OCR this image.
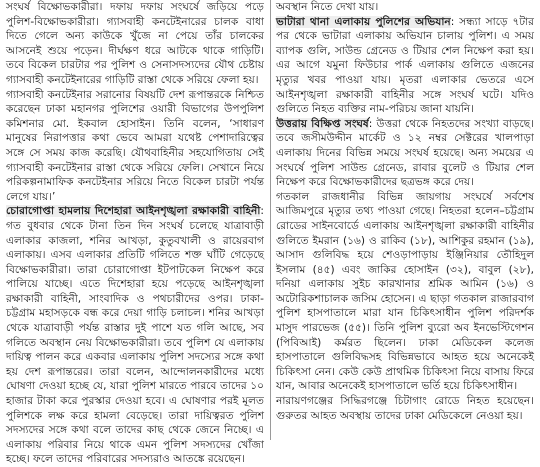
সংঘর্ষ বিক্ষোভকারীরা। দফায় দফায় সংঘর্ষে জড়িয়ে পড়ে পুলিশ-বিক্ষোভকারীরা। গ্যাসবাহী কনটেইনারের চালক বাধা দিতে গেলে অন্য কাউকে খুঁজে না পেয়ে তাঁর চালকের আসনেই শুয়ে পড়েন। দীর্ঘক্ষণ ধরে আটকে থাকে গাড়িটি। তবে বিকেল চারটার পর পুলিশ ও সেনাসদস্যদের যৌথ চেষ্টায় গ্যাসবাহী কনটেইনারের গাড়িটি রাস্তা থেকে সরিয়ে ফেলা হয়।

গ্যাসবাহী কনটেইনার সরানোর বিষয়টি দেশ রূপান্তরকে নিশ্চিত করেছেন ঢাকা মহানগর পুলিশের ওয়ারী বিভাগের উপপুলিশ কমিশনার মো. ইকবাল হোসাইন। তিনি বলেন, ‘সাধারণ মানুষের নিরাপত্তার কথা ভেবে আমরা যথেষ্ট পেশাদারিত্বের সঙ্গে সে সময় কাজ করেছি। যৌথবাহিনীর সহযোগিতায় সেই গ্যাসবাহী কনটেইনার রাস্তা থেকে সরিয়ে ফেলি। সেখানে নিয়ে পরিকল্পনামাফিক কনটেইনার সরিয়ে নিতে বিকেল চারটা পর্যন্ত লেগে যায়।’

চোরাগোপ্তা হামলায় দিশেহারা আইনশৃঙ্খলা রক্ষাকারী বাহিনী: গত বুধবার থেকে টানা তিন দিন সংঘর্ষ চলেছে যাত্রাবাড়ী এলাকার কাজলা, শনির আখড়া, কুতুবখালী ও রায়েরবাগ এলাকায়। এসব এলাকার প্রতিটি গলিতে শক্ত ঘাঁটি গেড়েছে বিক্ষোভকারীরা। তারা চোরাগোপ্তা ইটপাটকেল নিক্ষেপ করে পালিয়ে যাচ্ছে। এতে দিশেহারা হয়ে পড়েছে আইনশৃঙ্খলা রক্ষাকারী বাহিনী, সাংবাদিক ও পথচারীদের ওপর। ঢাকা-চট্টগ্রাম মহাসড়কে বন্ধ করে দেয়া গাড়ি চলাচল। শনির আখড়া থেকে যাত্রাবাড়ী পর্যন্ত রাস্তার দুই পাশে যত গলি আছে, সব গলিতে অবস্থান নেয় বিক্ষোভকারীরা। তবে পুলিশ যে এলাকায় দায়িত্ব পালন করে একবার এলাকায় পুলিশ সদস্যের সঙ্গে কথা হয় দেশ রূপান্তরের। তারা বলেন, আন্দোলনকারীদের মধ্যে ঘোষণা দেওয়া হচ্ছে যে, যারা পুলিশ মারতে পারবে তাদের ১০ হাজার টাকা করে পুরস্কার দেওয়া হবে। এ ঘোষণার পরই মূলত পুলিশকে লক্ষ করে হামলা বেড়েছে। তারা দায়িত্বরত পুলিশ সদস্যদের সঙ্গে কথা বলে তাদের কাছ থেকে জেনে নিচ্ছে। এ এলাকায় পরিবার নিয়ে থাকে এমন পুলিশ সদস্যদের খোঁজা হচ্ছে। ফলে তাদের পরিবারের সদস্যরাও আতঙ্কে রয়েছেন।

অবস্থান নিতে দেখা যায়।

ভাটারা থানা এলাকায় পুলিশের অভিযান: সন্ধ্যা সাড়ে ৭টার পর থেকে ভাটারা এলাকায় অভিযান চালায় পুলিশ। এ সময় ব্যাপক গুলি, সাউন্ড গ্রেনেড ও টিয়ার শেল নিক্ষেপ করা হয়। এর আগে যমুনা ফিউচার পার্ক এলাকায় গুলিতে এজনের মৃত্যুর খবর পাওয়া যায়। মৃতরা এলাকার ভেতরে এসে আইনশৃঙ্খলা রক্ষাকারী বাহিনীর সঙ্গে সংঘর্ষ ঘটে। যদিও গুলিতে নিহত ব্যক্তির নাম-পরিচয় জানা যায়নি।

উত্তরায় বিক্ষিপ্ত সংঘর্ষ: উত্তরা থেকে নিহতদের সংখ্যা বাড়ছে। তবে জসীমউদ্দীন মার্কেট ও ১২ নম্বর সেক্টরের খালপাড়া এলাকায় দিনের বিভিন্ন সময়ে সংঘর্ষ হয়েছে। অন্য সময়ের এ সংঘর্ষে পুলিশ সাউন্ড গ্রেনেড, রাবার বুলেট ও টিয়ার শেল নিক্ষেপ করে বিক্ষোভকারীদের ছত্রভঙ্গ করে দেয়।

গতকাল রাজধানীর বিভিন্ন জায়গায় সংঘর্ষে সর্বশেষ আজিমপুরে মৃত্যুর তথ্য পাওয়া গেছে। নিহতরা হলেন–চট্টগ্রাম রোডের সাইনবোর্ডে এলাকায় আইনশৃঙ্খলা রক্ষাকারী বাহিনীর গুলিতে ইমরান (১৬) ও রাকিব (১৮), আশিকুর রহমান (১৯), আসাদ গুলিবিদ্ধ হয়ে শেওড়াপাড়ায় ইঞ্জিনিয়ার তৌহিদুল ইসলাম (৪৫) এবং জাকির হোসাইন (৩২), বাবুল (২৮), দনিয়া এলাকায় সুইচ কারখানার শ্রমিক আমিন (১৬) ও অটোরিকশাচালক জসিম হোসেন। এ ছাড়া গতকাল রাজারবাগ পুলিশ হাসপাতালে মারা যান চিকিৎসাধীন পুলিশ পরিদর্শক মাসুদ পারভেজ (৫৫)। তিনি পুলিশ ব্যুরো অব ইনভেস্টিগেশন (পিবিআই) কর্মরত ছিলেন। ঢাকা মেডিকেল কলেজ হাসপাতালে গুলিবিদ্ধসহ বিভিন্নভাবে আহত হয়ে অনেকেই চিকিৎসা নেন। কেউ কেউ প্রাথমিক চিকিৎসা নিয়ে বাসায় ফিরে যান, আবার অনেকেই হাসপাতালে ভর্তি হয়ে চিকিৎসাধীন।

নারায়ণগঞ্জের সিদ্ধিরগঞ্জে চিটাগাং রোডে নিহত হয়েছেন। গুরুতর আহত অবস্থায় তাদের ঢাকা মেডিকেলে নেওয়া হয়।
